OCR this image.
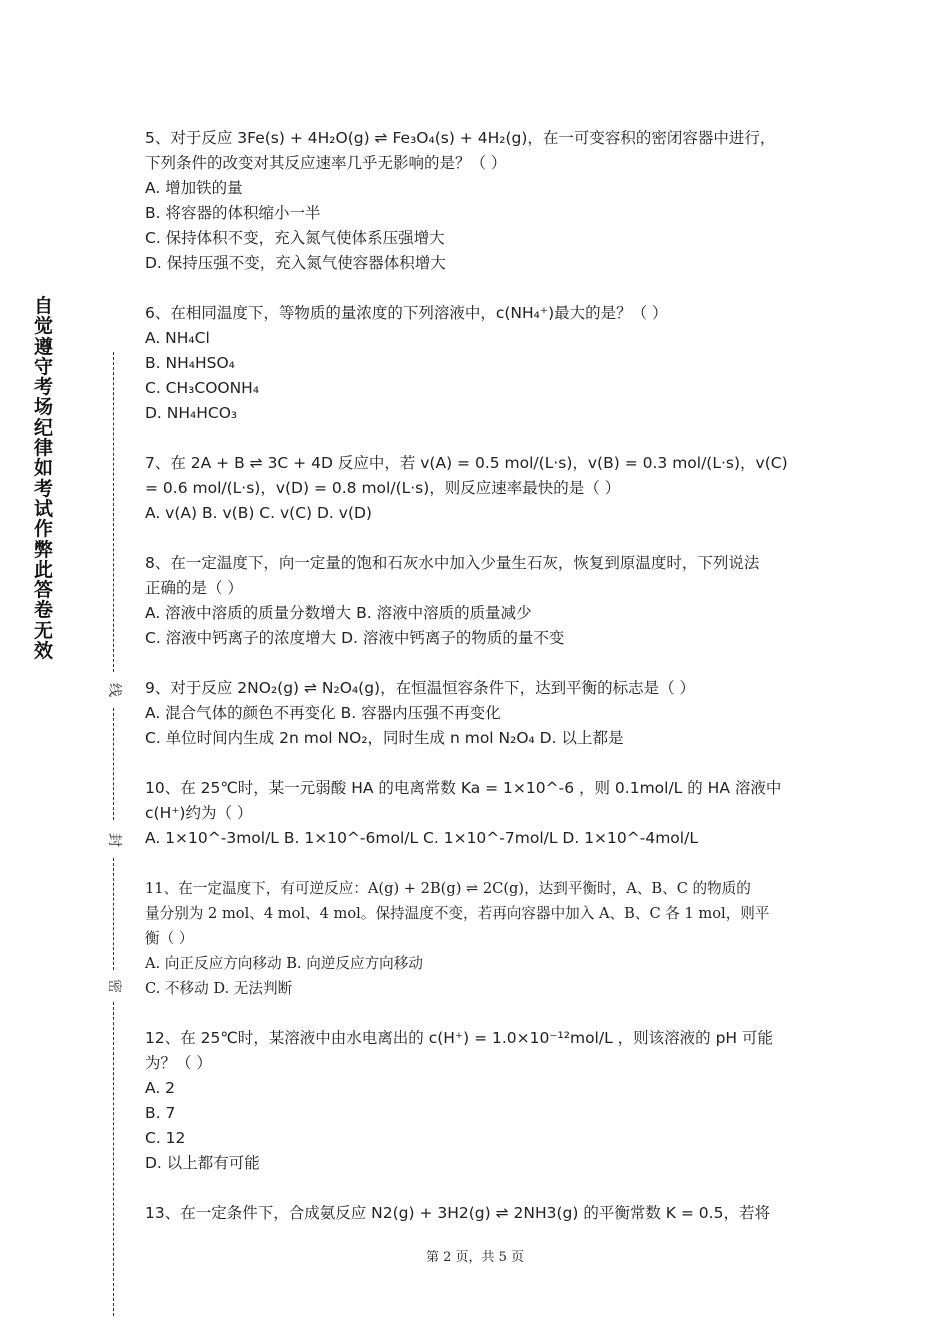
自觉遵守考场纪律如考试作弊此答卷无效
线
封
密
5、对于反应 3Fe(s) + 4H₂O(g) ⇌ Fe₃O₄(s) + 4H₂(g)，在一可变容积的密闭容器中进行，
下列条件的改变对其反应速率几乎无影响的是？（ ）
A. 增加铁的量
B. 将容器的体积缩小一半
C. 保持体积不变，充入氮气使体系压强增大
D. 保持压强不变，充入氮气使容器体积增大
6、在相同温度下，等物质的量浓度的下列溶液中，c(NH₄⁺)最大的是？（ ）
A. NH₄Cl
B. NH₄HSO₄
C. CH₃COONH₄
D. NH₄HCO₃
7、在 2A + B ⇌ 3C + 4D 反应中，若 v(A) = 0.5 mol/(L·s)，v(B) = 0.3 mol/(L·s)，v(C)
= 0.6 mol/(L·s)，v(D) = 0.8 mol/(L·s)，则反应速率最快的是（ ）
A. v(A) B. v(B) C. v(C) D. v(D)
8、在一定温度下，向一定量的饱和石灰水中加入少量生石灰，恢复到原温度时，下列说法
正确的是（ ）
A. 溶液中溶质的质量分数增大 B. 溶液中溶质的质量减少
C. 溶液中钙离子的浓度增大 D. 溶液中钙离子的物质的量不变
9、对于反应 2NO₂(g) ⇌ N₂O₄(g)，在恒温恒容条件下，达到平衡的标志是（ ）
A. 混合气体的颜色不再变化 B. 容器内压强不再变化
C. 单位时间内生成 2n mol NO₂，同时生成 n mol N₂O₄ D. 以上都是
10、在 25℃时，某一元弱酸 HA 的电离常数 Ka = 1×10^-6 ，则 0.1mol/L 的 HA 溶液中
c(H⁺)约为（ ）
A. 1×10^-3mol/L B. 1×10^-6mol/L C. 1×10^-7mol/L D. 1×10^-4mol/L
11、在一定温度下，有可逆反应：A(g) + 2B(g) ⇌ 2C(g)，达到平衡时，A、B、C 的物质的
量分别为 2 mol、4 mol、4 mol。保持温度不变，若再向容器中加入 A、B、C 各 1 mol，则平
衡（ ）
A. 向正反应方向移动 B. 向逆反应方向移动
C. 不移动 D. 无法判断
12、在 25℃时，某溶液中由水电离出的 c(H⁺) = 1.0×10⁻¹²mol/L ，则该溶液的 pH 可能
为？（ ）
A. 2
B. 7
C. 12
D. 以上都有可能
13、在一定条件下，合成氨反应 N2(g) + 3H2(g) ⇌ 2NH3(g) 的平衡常数 K = 0.5，若将
第 2 页，共 5 页
